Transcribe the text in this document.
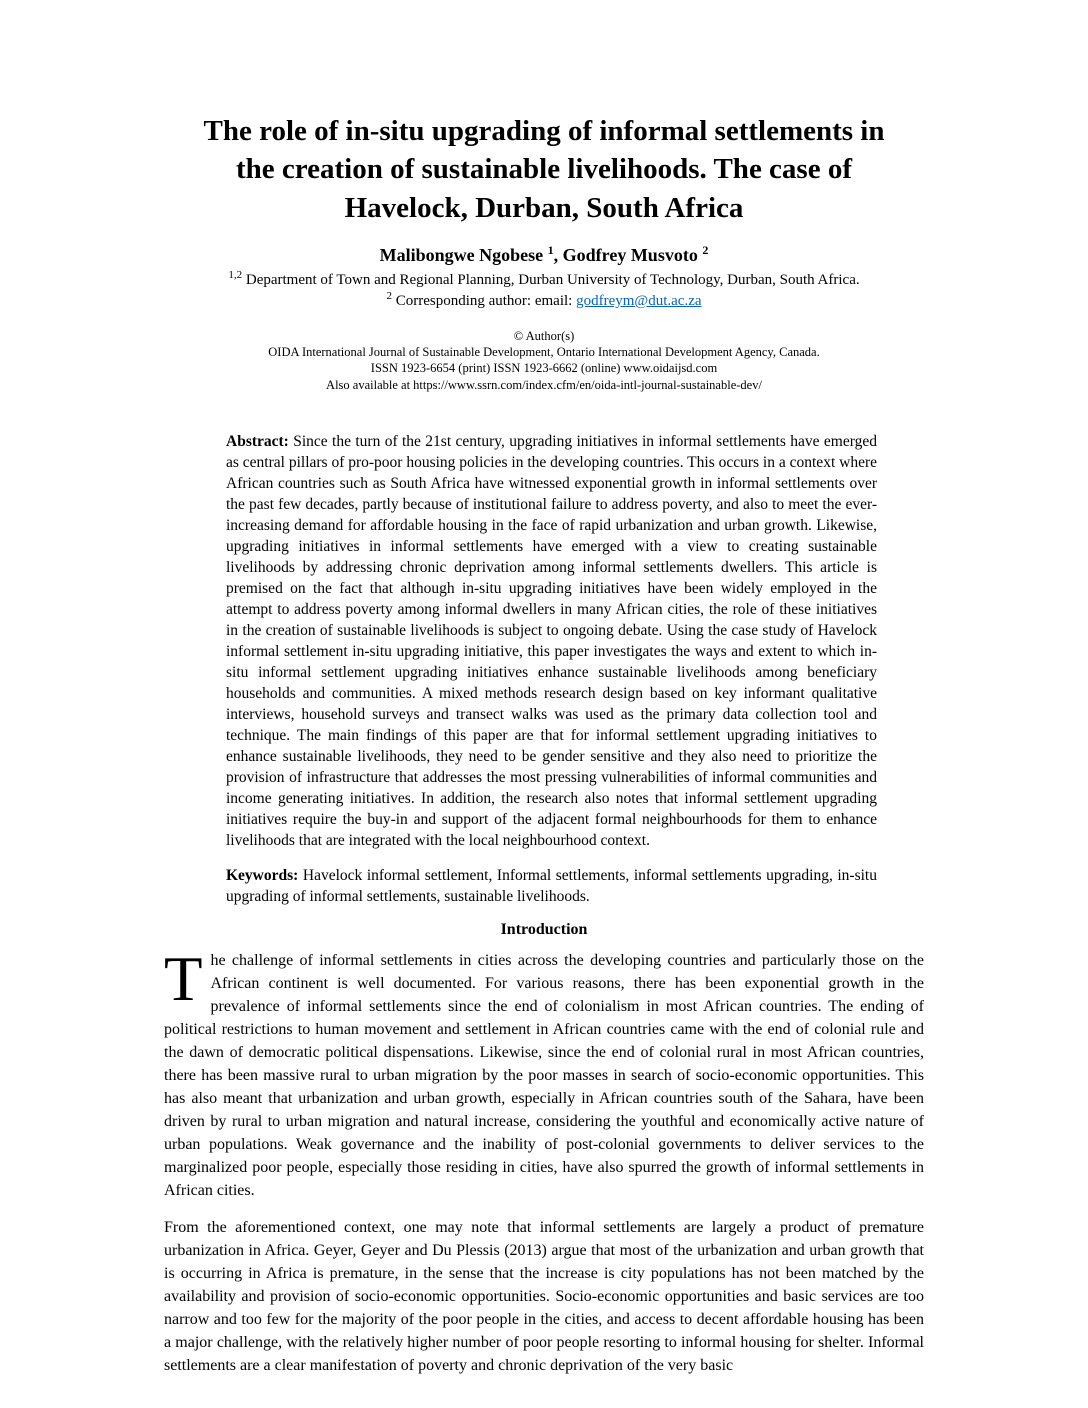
The role of in-situ upgrading of informal settlements in the creation of sustainable livelihoods. The case of Havelock, Durban, South Africa
Malibongwe Ngobese $^1$, Godfrey Musvoto $^2$
$^{1,2}$ Department of Town and Regional Planning, Durban University of Technology, Durban, South Africa.
$^2$ Corresponding author: email: godfreym@dut.ac.za
© Author(s)
OIDA International Journal of Sustainable Development, Ontario International Development Agency, Canada.
ISSN 1923-6654 (print) ISSN 1923-6662 (online) www.oidaijsd.com
Also available at https://www.ssrn.com/index.cfm/en/oida-intl-journal-sustainable-dev/
Abstract: Since the turn of the 21st century, upgrading initiatives in informal settlements have emerged as central pillars of pro-poor housing policies in the developing countries. This occurs in a context where African countries such as South Africa have witnessed exponential growth in informal settlements over the past few decades, partly because of institutional failure to address poverty, and also to meet the ever-increasing demand for affordable housing in the face of rapid urbanization and urban growth. Likewise, upgrading initiatives in informal settlements have emerged with a view to creating sustainable livelihoods by addressing chronic deprivation among informal settlements dwellers. This article is premised on the fact that although in-situ upgrading initiatives have been widely employed in the attempt to address poverty among informal dwellers in many African cities, the role of these initiatives in the creation of sustainable livelihoods is subject to ongoing debate. Using the case study of Havelock informal settlement in-situ upgrading initiative, this paper investigates the ways and extent to which in-situ informal settlement upgrading initiatives enhance sustainable livelihoods among beneficiary households and communities. A mixed methods research design based on key informant qualitative interviews, household surveys and transect walks was used as the primary data collection tool and technique. The main findings of this paper are that for informal settlement upgrading initiatives to enhance sustainable livelihoods, they need to be gender sensitive and they also need to prioritize the provision of infrastructure that addresses the most pressing vulnerabilities of informal communities and income generating initiatives. In addition, the research also notes that informal settlement upgrading initiatives require the buy-in and support of the adjacent formal neighbourhoods for them to enhance livelihoods that are integrated with the local neighbourhood context.
Keywords: Havelock informal settlement, Informal settlements, informal settlements upgrading, in-situ upgrading of informal settlements, sustainable livelihoods.
Introduction
The challenge of informal settlements in cities across the developing countries and particularly those on the African continent is well documented. For various reasons, there has been exponential growth in the prevalence of informal settlements since the end of colonialism in most African countries. The ending of political restrictions to human movement and settlement in African countries came with the end of colonial rule and the dawn of democratic political dispensations. Likewise, since the end of colonial rural in most African countries, there has been massive rural to urban migration by the poor masses in search of socio-economic opportunities. This has also meant that urbanization and urban growth, especially in African countries south of the Sahara, have been driven by rural to urban migration and natural increase, considering the youthful and economically active nature of urban populations. Weak governance and the inability of post-colonial governments to deliver services to the marginalized poor people, especially those residing in cities, have also spurred the growth of informal settlements in African cities.
From the aforementioned context, one may note that informal settlements are largely a product of premature urbanization in Africa. Geyer, Geyer and Du Plessis (2013) argue that most of the urbanization and urban growth that is occurring in Africa is premature, in the sense that the increase is city populations has not been matched by the availability and provision of socio-economic opportunities. Socio-economic opportunities and basic services are too narrow and too few for the majority of the poor people in the cities, and access to decent affordable housing has been a major challenge, with the relatively higher number of poor people resorting to informal housing for shelter. Informal settlements are a clear manifestation of poverty and chronic deprivation of the very basic
